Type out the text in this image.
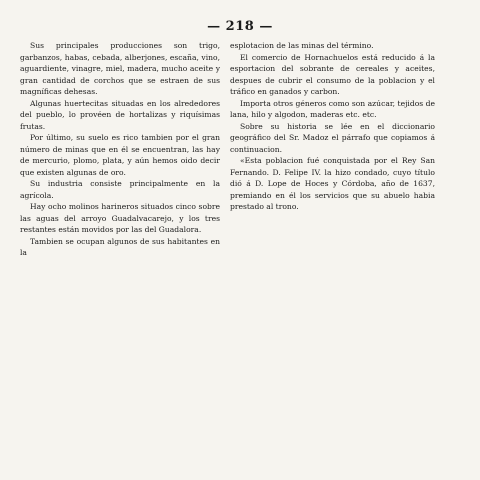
— 218 —

Sus principales producciones son trigo, garbanzos, habas, cebada, alberjones, escaña, vino, aguardiente, vinagre, miel, madera, mucho aceite y gran cantidad de corchos que se estraen de sus magníficas dehesas.

Algunas huertecitas situadas en los alrededores del pueblo, lo provéen de hortalizas y riquísimas frutas.

Por último, su suelo es rico tambien por el gran número de minas que en él se encuentran, las hay de mercurio, plomo, plata, y aún hemos oido decir que existen algunas de oro.

Su industria consiste principalmente en la agrícola.

Hay ocho molinos harineros situados cinco sobre las aguas del arroyo Guadalvacarejo, y los tres restantes están movidos por las del Guadalora.

Tambien se ocupan algunos de sus habitantes en la

esplotacion de las minas del término.

El comercio de Hornachuelos está reducido á la esportacion del sobrante de cereales y aceites, despues de cubrir el consumo de la poblacion y el tráfico en ganados y carbon.

Importa otros géneros como son azúcar, tejidos de lana, hilo y algodon, maderas etc. etc.

Sobre su historia se lée en el diccionario geográfico del Sr. Madoz el párrafo que copiamos á continuacion.

«Esta poblacion fué conquistada por el Rey San Fernando. D. Felipe IV. la hizo condado, cuyo título dió á D. Lope de Hoces y Córdoba, año de 1637, premiando en él los servicios que su abuelo habia prestado al trono.
